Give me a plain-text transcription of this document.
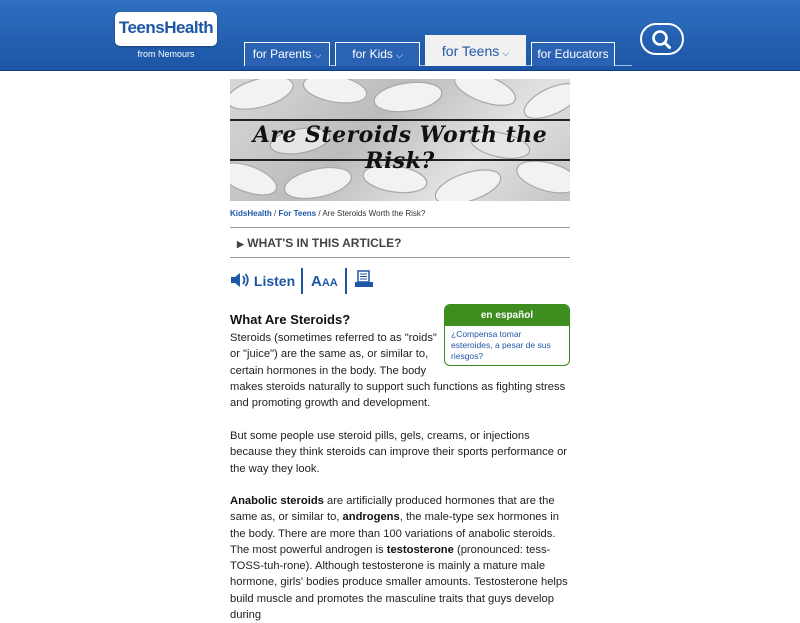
TeensHealth
from Nemours	for Parents ⌵	for Kids ⌵	for Teens ⌵	for Educators
Are Steroids Worth the Risk?
KidsHealth / For Teens / Are Steroids Worth the Risk?
▶ WHAT'S IN THIS ARTICLE?
Listen AAA
en español
¿Compensa tomar esteroides, a pesar de sus riesgos?
What Are Steroids?
Steroids (sometimes referred to as "roids"
or "juice") are the same as, or similar to,
certain hormones in the body. The body
makes steroids naturally to support such functions as fighting stress
and promoting growth and development.

But some people use steroid pills, gels, creams, or injections because they think steroids can improve their sports performance or the way they look.

Anabolic steroids are artificially produced hormones that are the same as, or similar to, androgens, the male-type sex hormones in the body. There are more than 100 variations of anabolic steroids. The most powerful androgen is testosterone (pronounced: tess-TOSS-tuh-rone). Although testosterone is mainly a mature male hormone, girls' bodies produce smaller amounts. Testosterone helps build muscle and promotes the masculine traits that guys develop during
